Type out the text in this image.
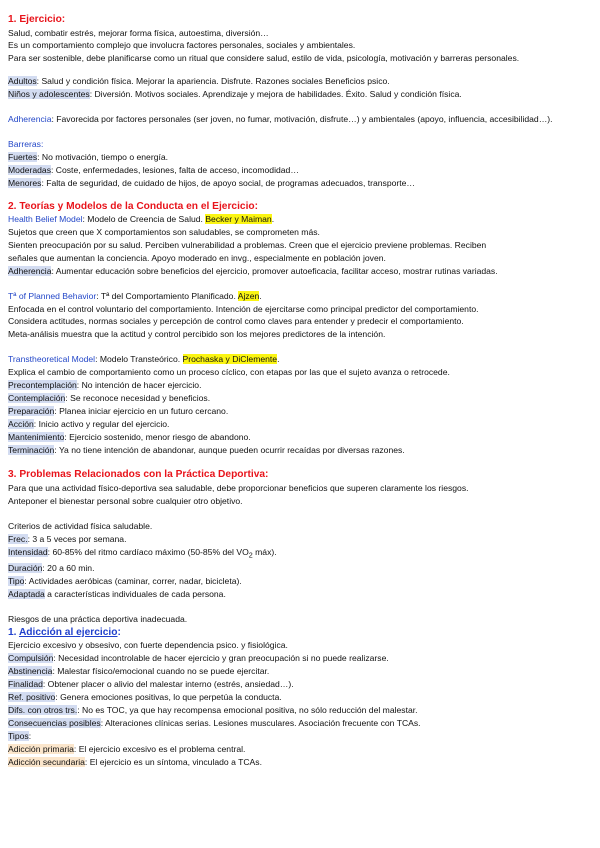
1. Ejercicio:
Salud, combatir estrés, mejorar forma física, autoestima, diversión…
Es un comportamiento complejo que involucra factores personales, sociales y ambientales.
Para ser sostenible, debe planificarse como un ritual que considere salud, estilo de vida, psicología, motivación y barreras personales.
Adultos: Salud y condición física. Mejorar la apariencia. Disfrute. Razones sociales Beneficios psico.
Niños y adolescentes: Diversión. Motivos sociales. Aprendizaje y mejora de habilidades. Éxito. Salud y condición física.
Adherencia: Favorecida por factores personales (ser joven, no fumar, motivación, disfrute…) y ambientales (apoyo, influencia, accesibilidad…).
Barreras:
Fuertes: No motivación, tiempo o energía.
Moderadas: Coste, enfermedades, lesiones, falta de acceso, incomodidad…
Menores: Falta de seguridad, de cuidado de hijos, de apoyo social, de programas adecuados, transporte…
2. Teorías y Modelos de la Conducta en el Ejercicio:
Health Belief Model: Modelo de Creencia de Salud. Becker y Maiman.
Sujetos que creen que X comportamientos son saludables, se comprometen más.
Sienten preocupación por su salud. Perciben vulnerabilidad a problemas. Creen que el ejercicio previene problemas. Reciben
señales que aumentan la conciencia. Apoyo moderado en invg., especialmente en población joven.
Adherencia: Aumentar educación sobre beneficios del ejercicio, promover autoeficacia, facilitar acceso, mostrar rutinas variadas.
Tª of Planned Behavior: Tª del Comportamiento Planificado. Ajzen.
Enfocada en el control voluntario del comportamiento. Intención de ejercitarse como principal predictor del comportamiento.
Considera actitudes, normas sociales y percepción de control como claves para entender y predecir el comportamiento.
Meta-análisis muestra que la actitud y control percibido son los mejores predictores de la intención.
Transtheoretical Model: Modelo Transteórico. Prochaska y DiClemente.
Explica el cambio de comportamiento como un proceso cíclico, con etapas por las que el sujeto avanza o retrocede.
Precontemplación: No intención de hacer ejercicio.
Contemplación: Se reconoce necesidad y beneficios.
Preparación: Planea iniciar ejercicio en un futuro cercano.
Acción: Inicio activo y regular del ejercicio.
Mantenimiento: Ejercicio sostenido, menor riesgo de abandono.
Terminación: Ya no tiene intención de abandonar, aunque pueden ocurrir recaídas por diversas razones.
3. Problemas Relacionados con la Práctica Deportiva:
Para que una actividad físico-deportiva sea saludable, debe proporcionar beneficios que superen claramente los riesgos.
Anteponer el bienestar personal sobre cualquier otro objetivo.
Criterios de actividad física saludable.
Frec.: 3 a 5 veces por semana.
Intensidad: 60-85% del ritmo cardíaco máximo (50-85% del $VO_2$ máx).
Duración: 20 a 60 min.
Tipo: Actividades aeróbicas (caminar, correr, nadar, bicicleta).
Adaptada a características individuales de cada persona.
Riesgos de una práctica deportiva inadecuada.
1. Adicción al ejercicio:
Ejercicio excesivo y obsesivo, con fuerte dependencia psico. y fisiológica.
Compulsión: Necesidad incontrolable de hacer ejercicio y gran preocupación si no puede realizarse.
Abstinencia: Malestar físico/emocional cuando no se puede ejercitar.
Finalidad: Obtener placer o alivio del malestar interno (estrés, ansiedad…).
Ref. positivo: Genera emociones positivas, lo que perpetúa la conducta.
Difs. con otros trs.: No es TOC, ya que hay recompensa emocional positiva, no sólo reducción del malestar.
Consecuencias posibles: Alteraciones clínicas serias. Lesiones musculares. Asociación frecuente con TCAs.
Tipos:
Adicción primaria: El ejercicio excesivo es el problema central.
Adicción secundaria: El ejercicio es un síntoma, vinculado a TCAs.
